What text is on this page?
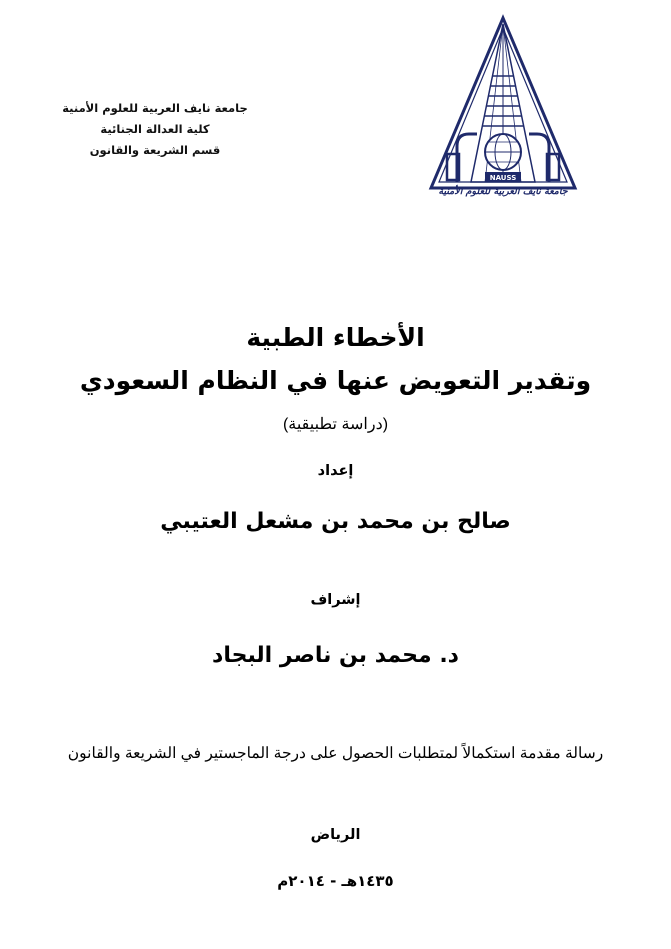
جامعة نايف العربية للعلوم الأمنية
كلية العدالة الجنائية
قسم الشريعة والقانون
NAUSS
جامعة نايف العربية للعلوم الأمنية
الأخطاء الطبية
وتقدير التعويض عنها في النظام السعودي
(دراسة تطبيقية)
إعداد
صالح بن محمد بن مشعل العتيبي
إشراف
د. محمد بن ناصر البجاد
رسالة مقدمة استكمالاً لمتطلبات الحصول على درجة الماجستير في الشريعة والقانون
الرياض
١٤٣٥هـ - ٢٠١٤م
